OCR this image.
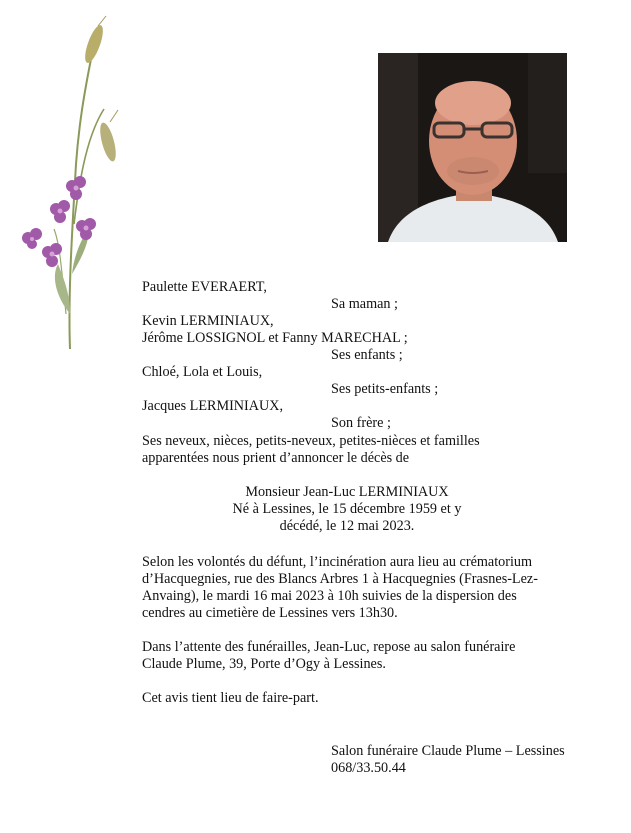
Paulette EVERAERT,
Sa maman ;
Kevin LERMINIAUX,
Jérôme LOSSIGNOL et Fanny MARECHAL ;
Ses enfants ;
Chloé, Lola et Louis,
Ses petits-enfants ;
Jacques LERMINIAUX,
Son frère ;
Ses neveux, nièces, petits-neveux, petites-nièces et familles
apparentées nous prient d’annoncer le décès de
Monsieur Jean-Luc LERMINIAUX
Né à Lessines, le 15 décembre 1959 et y
décédé, le 12 mai 2023.
Selon les volontés du défunt, l’incinération aura lieu au crématorium
d’Hacquegnies, rue des Blancs Arbres 1 à Hacquegnies (Frasnes-Lez-
Anvaing), le mardi 16 mai 2023 à 10h suivies de la dispersion des
cendres au cimetière de Lessines vers 13h30.
Dans l’attente des funérailles, Jean-Luc, repose au salon funéraire
Claude Plume, 39, Porte d’Ogy à Lessines.
Cet avis tient lieu de faire-part.
Salon funéraire Claude Plume – Lessines
068/33.50.44
